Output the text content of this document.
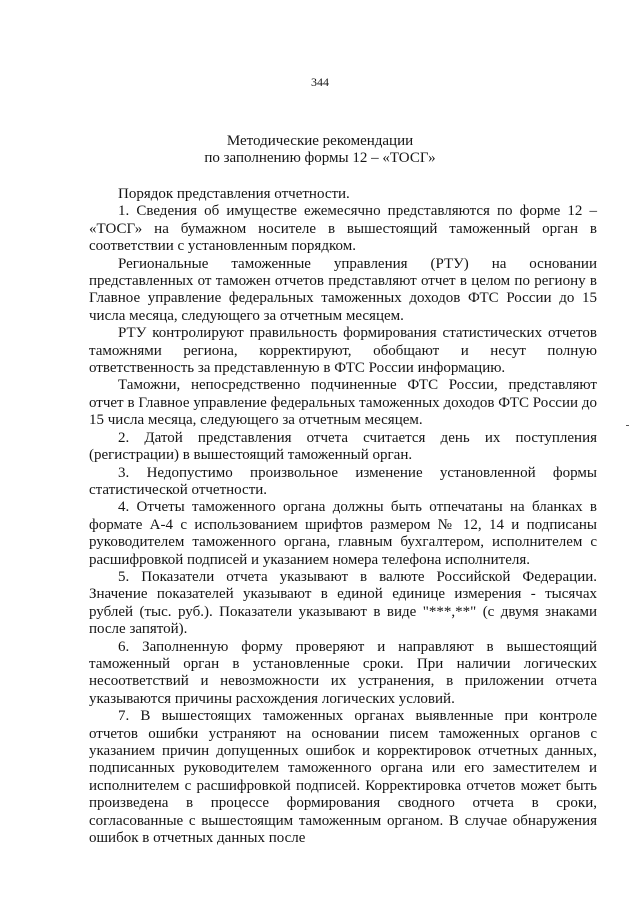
344
Методические рекомендации
по заполнению формы 12 – «ТОСГ»

Порядок представления отчетности.

1. Сведения об имуществе ежемесячно представляются по форме 12 – «ТОСГ» на бумажном носителе в вышестоящий таможенный орган в соответствии с установленным порядком.

Региональные таможенные управления (РТУ) на основании представленных от таможен отчетов представляют отчет в целом по региону в Главное управление федеральных таможенных доходов ФТС России до 15 числа месяца, следующего за отчетным месяцем.

РТУ контролируют правильность формирования статистических отчетов таможнями региона, корректируют, обобщают и несут полную ответственность за представленную в ФТС России информацию.

Таможни, непосредственно подчиненные ФТС России, представляют отчет в Главное управление федеральных таможенных доходов ФТС России до 15 числа месяца, следующего за отчетным месяцем.

2. Датой представления отчета считается день их поступления (регистрации) в вышестоящий таможенный орган.

3. Недопустимо произвольное изменение установленной формы статистической отчетности.

4. Отчеты таможенного органа должны быть отпечатаны на бланках в формате А-4 с использованием шрифтов размером № 12, 14 и подписаны руководителем таможенного органа, главным бухгалтером, исполнителем с расшифровкой подписей и указанием номера телефона исполнителя.

5. Показатели отчета указывают в валюте Российской Федерации. Значение показателей указывают в единой единице измерения - тысячах рублей (тыс. руб.). Показатели указывают в виде "***,**" (с двумя знаками после запятой).

6. Заполненную форму проверяют и направляют в вышестоящий таможенный орган в установленные сроки. При наличии логических несоответствий и невозможности их устранения, в приложении отчета указываются причины расхождения логических условий.

7. В вышестоящих таможенных органах выявленные при контроле отчетов ошибки устраняют на основании писем таможенных органов с указанием причин допущенных ошибок и корректировок отчетных данных, подписанных руководителем таможенного органа или его заместителем и исполнителем с расшифровкой подписей. Корректировка отчетов может быть произведена в процессе формирования сводного отчета в сроки, согласованные с вышестоящим таможенным органом. В случае обнаружения ошибок в отчетных данных после
